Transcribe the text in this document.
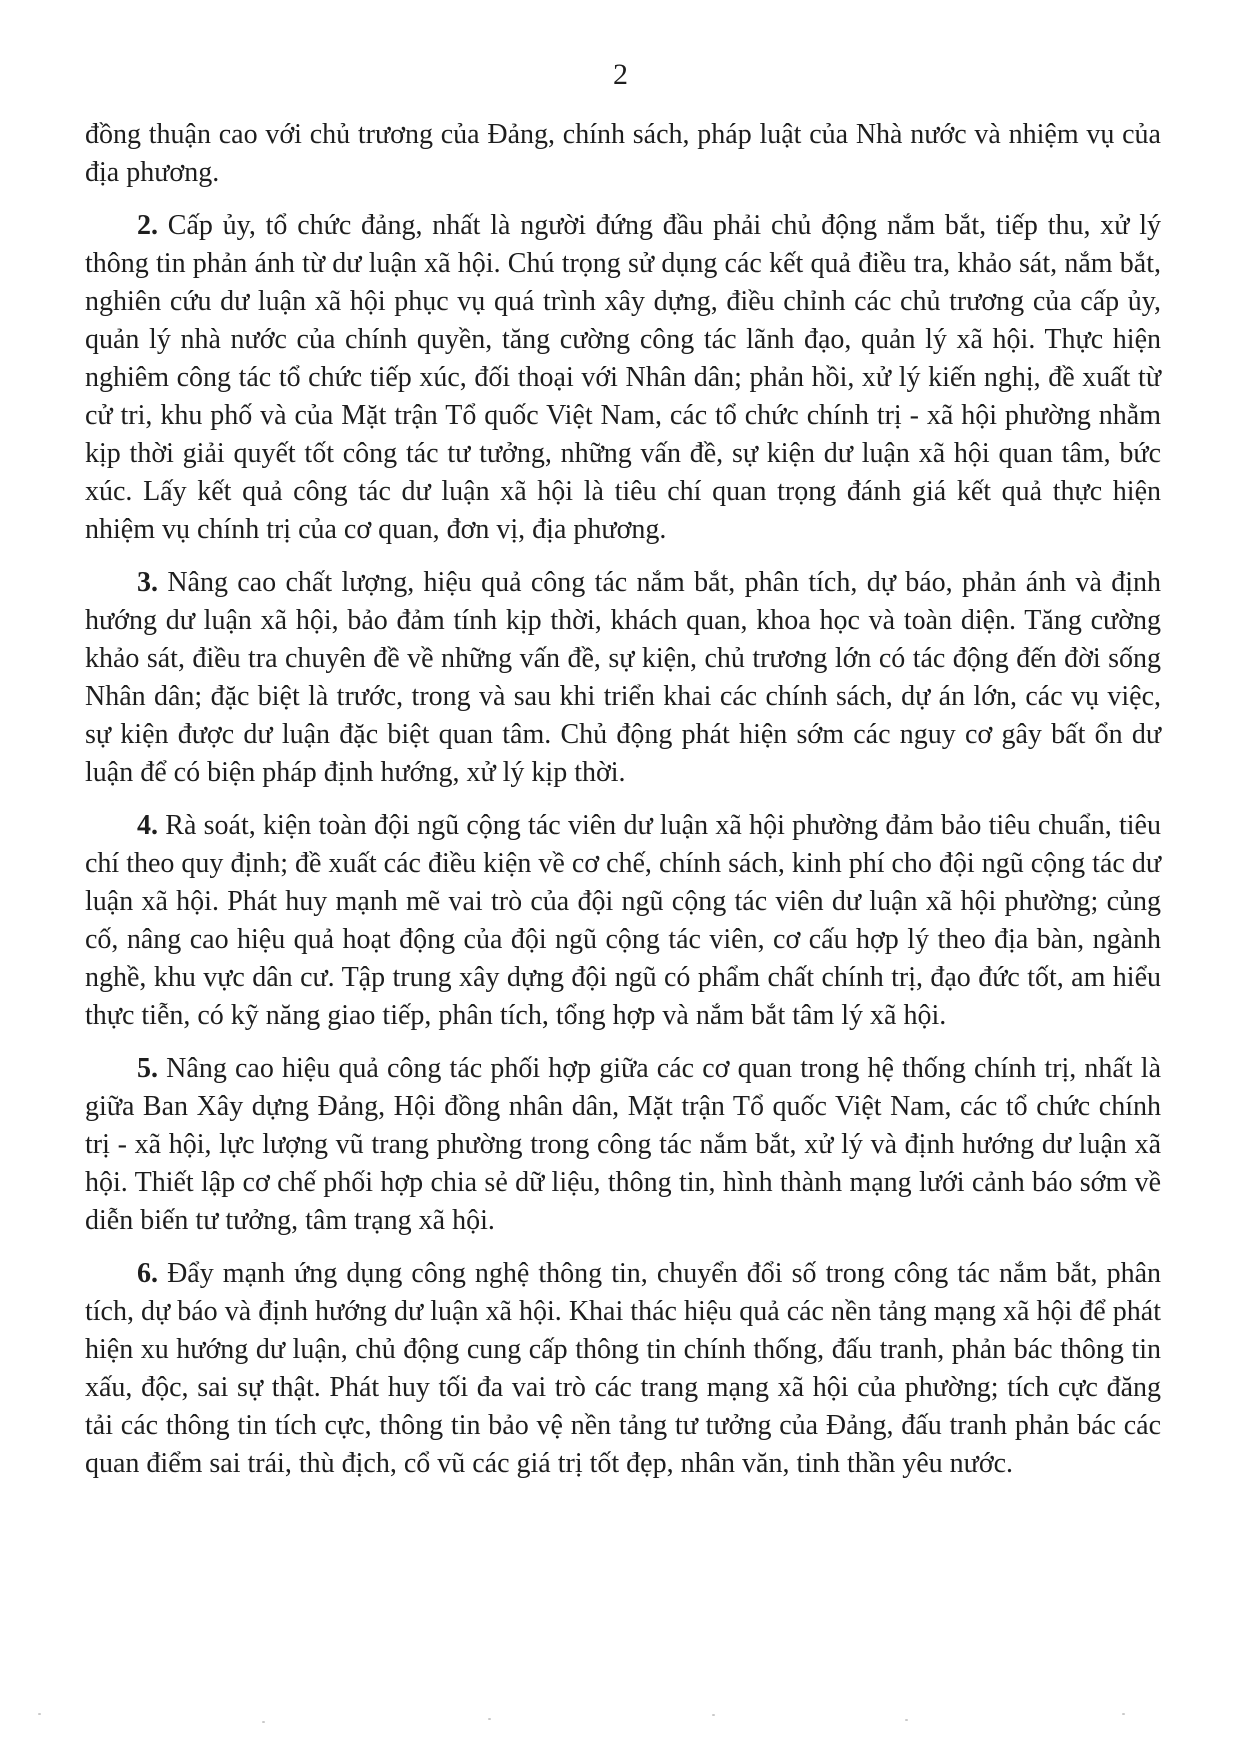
2

đồng thuận cao với chủ trương của Đảng, chính sách, pháp luật của Nhà nước và nhiệm vụ của địa phương.

2. Cấp ủy, tổ chức đảng, nhất là người đứng đầu phải chủ động nắm bắt, tiếp thu, xử lý thông tin phản ánh từ dư luận xã hội. Chú trọng sử dụng các kết quả điều tra, khảo sát, nắm bắt, nghiên cứu dư luận xã hội phục vụ quá trình xây dựng, điều chỉnh các chủ trương của cấp ủy, quản lý nhà nước của chính quyền, tăng cường công tác lãnh đạo, quản lý xã hội. Thực hiện nghiêm công tác tổ chức tiếp xúc, đối thoại với Nhân dân; phản hồi, xử lý kiến nghị, đề xuất từ cử tri, khu phố và của Mặt trận Tổ quốc Việt Nam, các tổ chức chính trị - xã hội phường nhằm kịp thời giải quyết tốt công tác tư tưởng, những vấn đề, sự kiện dư luận xã hội quan tâm, bức xúc. Lấy kết quả công tác dư luận xã hội là tiêu chí quan trọng đánh giá kết quả thực hiện nhiệm vụ chính trị của cơ quan, đơn vị, địa phương.

3. Nâng cao chất lượng, hiệu quả công tác nắm bắt, phân tích, dự báo, phản ánh và định hướng dư luận xã hội, bảo đảm tính kịp thời, khách quan, khoa học và toàn diện. Tăng cường khảo sát, điều tra chuyên đề về những vấn đề, sự kiện, chủ trương lớn có tác động đến đời sống Nhân dân; đặc biệt là trước, trong và sau khi triển khai các chính sách, dự án lớn, các vụ việc, sự kiện được dư luận đặc biệt quan tâm. Chủ động phát hiện sớm các nguy cơ gây bất ổn dư luận để có biện pháp định hướng, xử lý kịp thời.

4. Rà soát, kiện toàn đội ngũ cộng tác viên dư luận xã hội phường đảm bảo tiêu chuẩn, tiêu chí theo quy định; đề xuất các điều kiện về cơ chế, chính sách, kinh phí cho đội ngũ cộng tác dư luận xã hội. Phát huy mạnh mẽ vai trò của đội ngũ cộng tác viên dư luận xã hội phường; củng cố, nâng cao hiệu quả hoạt động của đội ngũ cộng tác viên, cơ cấu hợp lý theo địa bàn, ngành nghề, khu vực dân cư. Tập trung xây dựng đội ngũ có phẩm chất chính trị, đạo đức tốt, am hiểu thực tiễn, có kỹ năng giao tiếp, phân tích, tổng hợp và nắm bắt tâm lý xã hội.

5. Nâng cao hiệu quả công tác phối hợp giữa các cơ quan trong hệ thống chính trị, nhất là giữa Ban Xây dựng Đảng, Hội đồng nhân dân, Mặt trận Tổ quốc Việt Nam, các tổ chức chính trị - xã hội, lực lượng vũ trang phường trong công tác nắm bắt, xử lý và định hướng dư luận xã hội. Thiết lập cơ chế phối hợp chia sẻ dữ liệu, thông tin, hình thành mạng lưới cảnh báo sớm về diễn biến tư tưởng, tâm trạng xã hội.

6. Đẩy mạnh ứng dụng công nghệ thông tin, chuyển đổi số trong công tác nắm bắt, phân tích, dự báo và định hướng dư luận xã hội. Khai thác hiệu quả các nền tảng mạng xã hội để phát hiện xu hướng dư luận, chủ động cung cấp thông tin chính thống, đấu tranh, phản bác thông tin xấu, độc, sai sự thật. Phát huy tối đa vai trò các trang mạng xã hội của phường; tích cực đăng tải các thông tin tích cực, thông tin bảo vệ nền tảng tư tưởng của Đảng, đấu tranh phản bác các quan điểm sai trái, thù địch, cổ vũ các giá trị tốt đẹp, nhân văn, tinh thần yêu nước.
